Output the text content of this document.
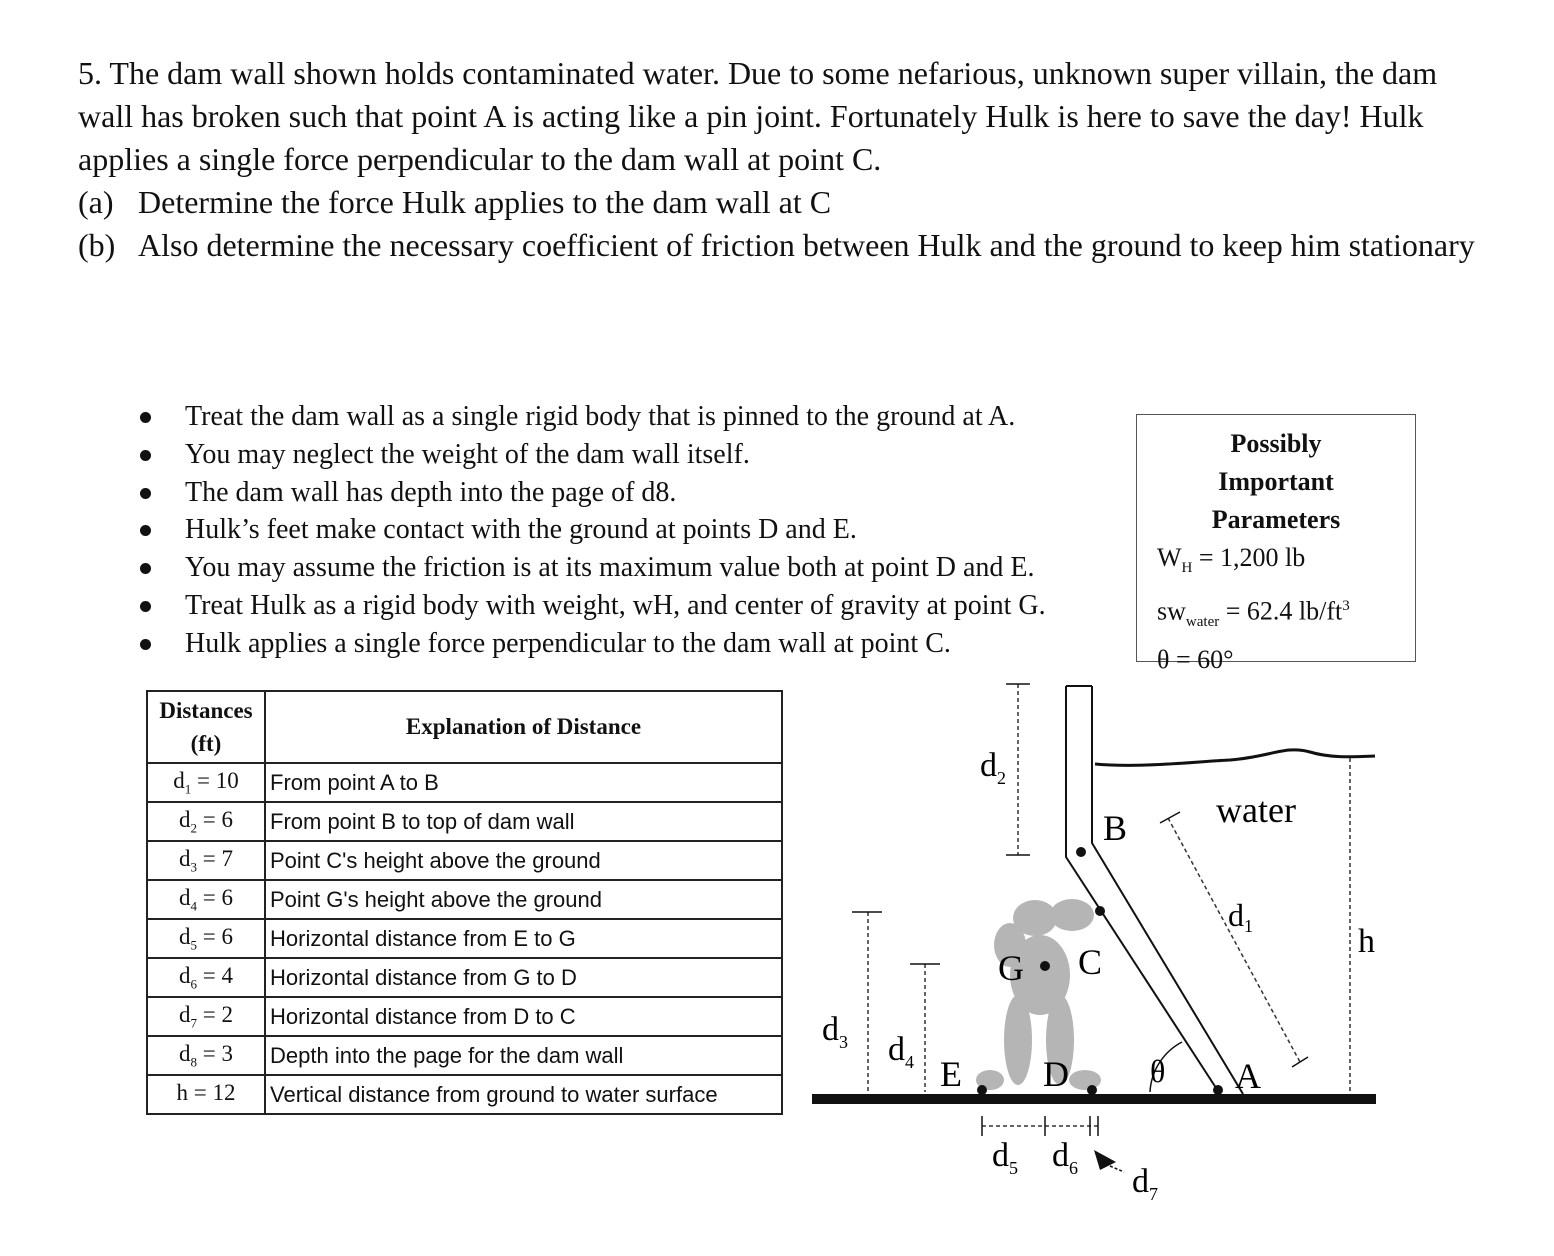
5. The dam wall shown holds contaminated water. Due to some nefarious, unknown super villain, the dam wall has broken such that point A is acting like a pin joint. Fortunately Hulk is here to save the day! Hulk applies a single force perpendicular to the dam wall at point C.

(a) Determine the force Hulk applies to the dam wall at C
(b) Also determine the necessary coefficient of friction between Hulk and the ground to keep him stationary
Treat the dam wall as a single rigid body that is pinned to the ground at A.
You may neglect the weight of the dam wall itself.
The dam wall has depth into the page of d8.
Hulk’s feet make contact with the ground at points D and E.
You may assume the friction is at its maximum value both at point D and E.
Treat Hulk as a rigid body with weight, wH, and center of gravity at point G.
Hulk applies a single force perpendicular to the dam wall at point C.
Possibly Important Parameters
$W_H = 1,200$ lb
$sw_{water} = 62.4$ $lb/ft^3$
θ = 60°
Distances (ft)	Explanation of Distance
$d_1 = 10$	From point A to B
$d_2 = 6$	From point B to top of dam wall
$d_3 = 7$	Point C's height above the ground
$d_4 = 6$	Point G's height above the ground
$d_5 = 6$	Horizontal distance from E to G
$d_6 = 4$	Horizontal distance from G to D
$d_7 = 2$	Horizontal distance from D to C
$d_8 = 3$	Depth into the page for the dam wall
h = 12	Vertical distance from ground to water surface
water
h
d1
$d_2$
$d_3$ $d_4$
B
C
G
E D	A
θ
$d_5$ $d_6$ $d_7$
